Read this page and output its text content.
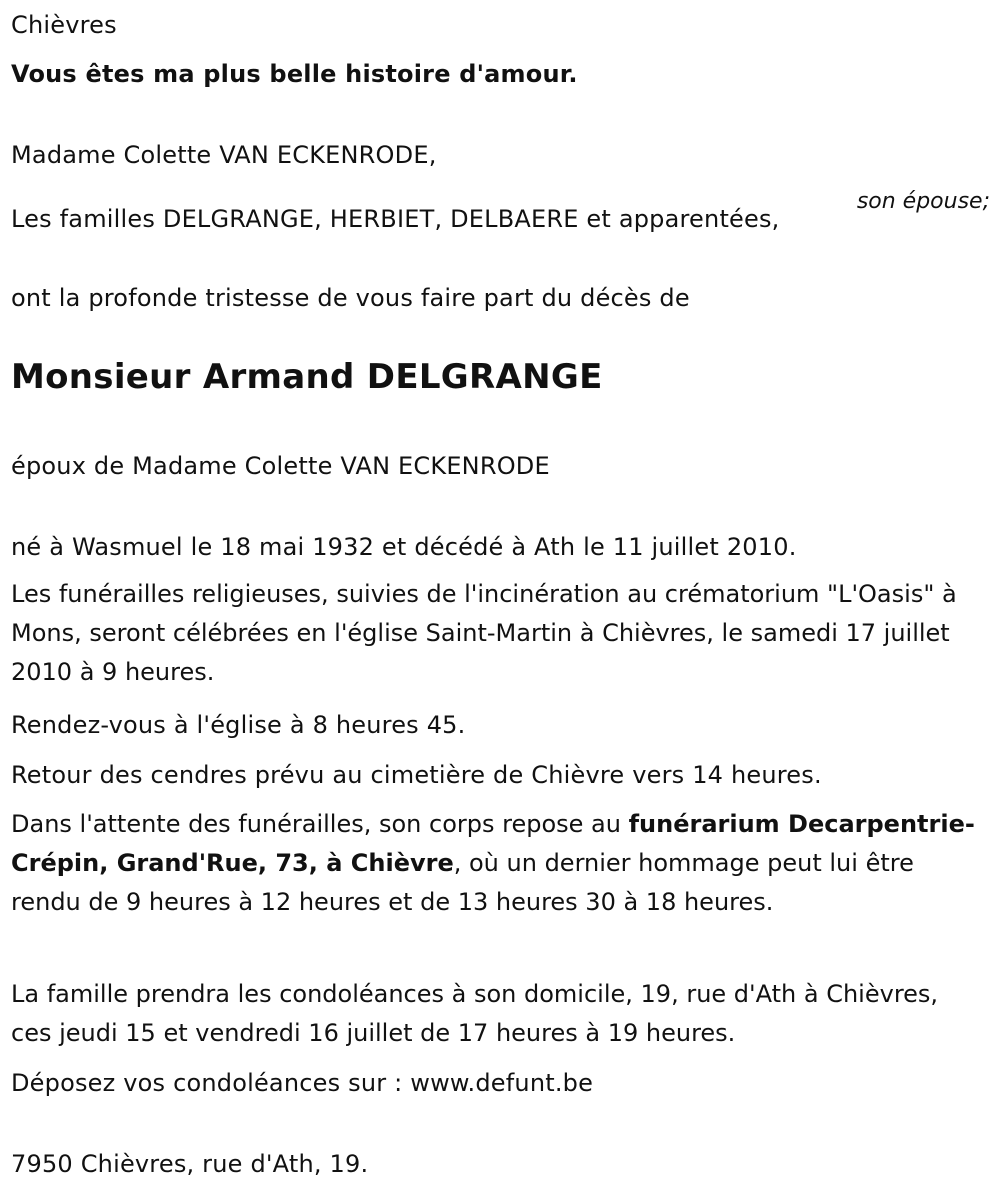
Chièvres

Vous êtes ma plus belle histoire d'amour.

Madame Colette VAN ECKENRODE,

son épouse;

Les familles DELGRANGE, HERBIET, DELBAERE et apparentées,

ont la profonde tristesse de vous faire part du décès de

Monsieur Armand DELGRANGE

époux de Madame Colette VAN ECKENRODE

né à Wasmuel le 18 mai 1932 et décédé à Ath le 11 juillet 2010.

Les funérailles religieuses, suivies de l'incinération au crématorium "L'Oasis" à Mons, seront célébrées en l'église Saint-Martin à Chièvres, le samedi 17 juillet 2010 à 9 heures.

Rendez-vous à l'église à 8 heures 45.

Retour des cendres prévu au cimetière de Chièvre vers 14 heures.

Dans l'attente des funérailles, son corps repose au funérarium Decarpentrie-Crépin, Grand'Rue, 73, à Chièvre, où un dernier hommage peut lui être rendu de 9 heures à 12 heures et de 13 heures 30 à 18 heures.

La famille prendra les condoléances à son domicile, 19, rue d'Ath à Chièvres, ces jeudi 15 et vendredi 16 juillet de 17 heures à 19 heures.

Déposez vos condoléances sur : www.defunt.be

7950 Chièvres, rue d'Ath, 19.
